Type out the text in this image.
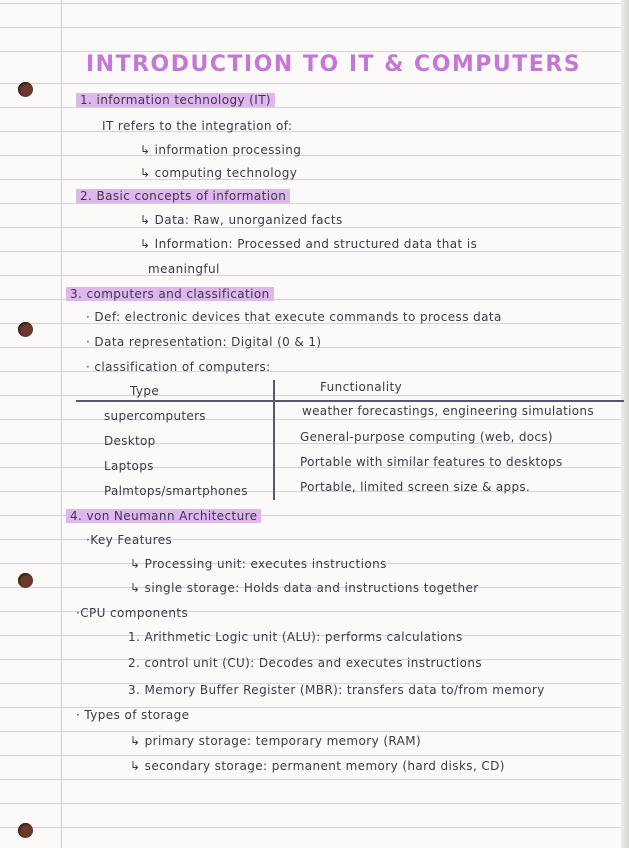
INTRODUCTION TO IT & COMPUTERS
1. information technology (IT)
IT refers to the integration of:
↳ information processing
↳ computing technology
2. Basic concepts of information
↳ Data: Raw, unorganized facts
↳ Information: Processed and structured data that is
meaningful
3. computers and classification
· Def: electronic devices that execute commands to process data
· Data representation: Digital (0 & 1)
· classification of computers:
Type	Functionality
supercomputers	weather forecastings, engineering simulations
Desktop	General-purpose computing (web, docs)
Laptops	Portable with similar features to desktops
Palmtops/smartphones	Portable, limited screen size & apps.
4. von Neumann Architecture
·Key Features
↳ Processing unit: executes instructions
↳ single storage: Holds data and instructions together
·CPU components
1. Arithmetic Logic unit (ALU): performs calculations
2. control unit (CU): Decodes and executes instructions
3. Memory Buffer Register (MBR): transfers data to/from memory
· Types of storage
↳ primary storage: temporary memory (RAM)
↳ secondary storage: permanent memory (hard disks, CD)
